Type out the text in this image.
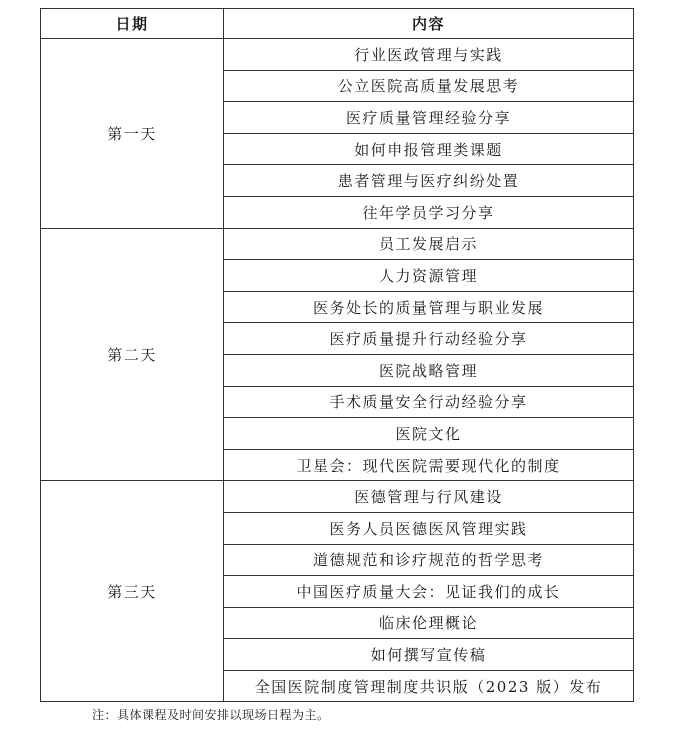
日期	内容
第一天	行业医政管理与实践
	公立医院高质量发展思考
	医疗质量管理经验分享
	如何申报管理类课题
	患者管理与医疗纠纷处置
	往年学员学习分享
第二天	员工发展启示
	人力资源管理
	医务处长的质量管理与职业发展
	医疗质量提升行动经验分享
	医院战略管理
	手术质量安全行动经验分享
	医院文化
	卫星会：现代医院需要现代化的制度
第三天	医德管理与行风建设
	医务人员医德医风管理实践
	道德规范和诊疗规范的哲学思考
	中国医疗质量大会：见证我们的成长
	临床伦理概论
	如何撰写宣传稿
	全国医院制度管理制度共识版（2023 版）发布
注：具体课程及时间安排以现场日程为主。
